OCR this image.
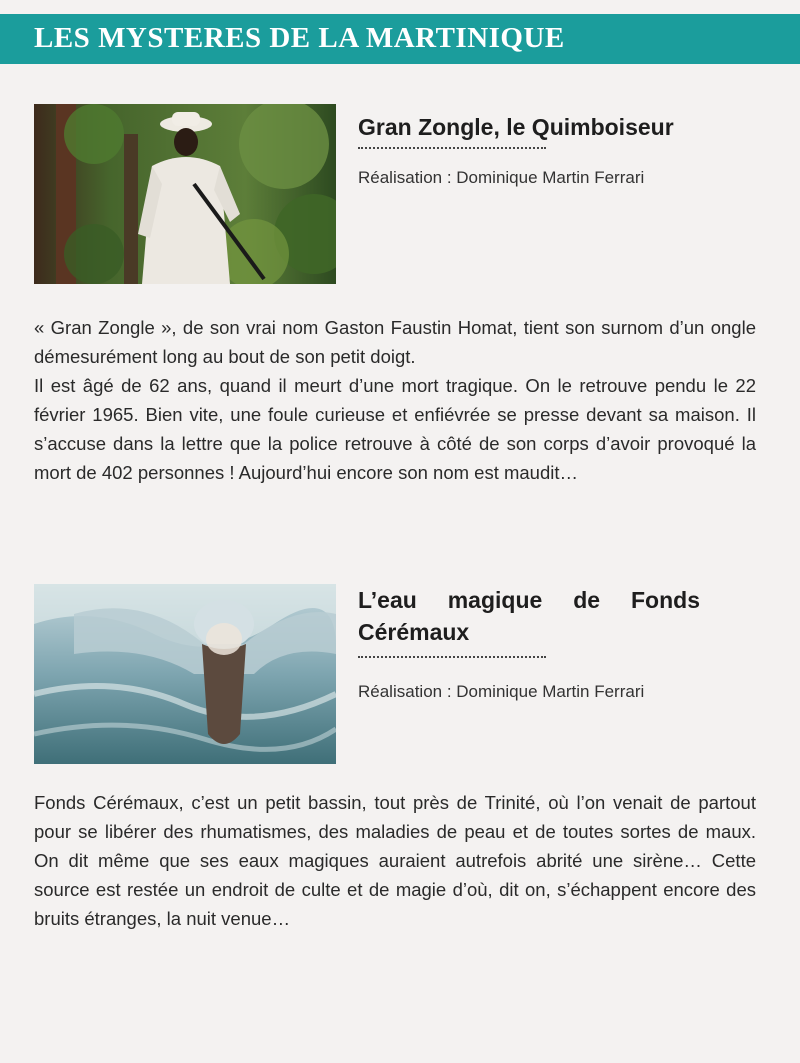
LES MYSTERES DE LA MARTINIQUE
Gran Zongle, le Quimboiseur
Réalisation : Dominique Martin Ferrari

« Gran Zongle », de son vrai nom Gaston Faustin Homat, tient son surnom d’un ongle démesurément long au bout de son petit doigt.

Il est âgé de 62 ans, quand il meurt d’une mort tragique. On le retrouve pendu le 22 février 1965. Bien vite, une foule curieuse et enfiévrée se presse devant sa maison. Il s’accuse dans la lettre que la police retrouve à côté de son corps d’avoir provoqué la mort de 402 personnes ! Aujourd’hui encore son nom est maudit…

L’eau magique de Fonds Cérémaux
Réalisation : Dominique Martin Ferrari

Fonds Cérémaux, c’est un petit bassin, tout près de Trinité, où l’on venait de partout pour se libérer des rhumatismes, des maladies de peau et de toutes sortes de maux. On dit même que ses eaux magiques auraient autrefois abrité une sirène… Cette source est restée un endroit de culte et de magie d’où, dit on, s’échappent encore des bruits étranges, la nuit venue…
